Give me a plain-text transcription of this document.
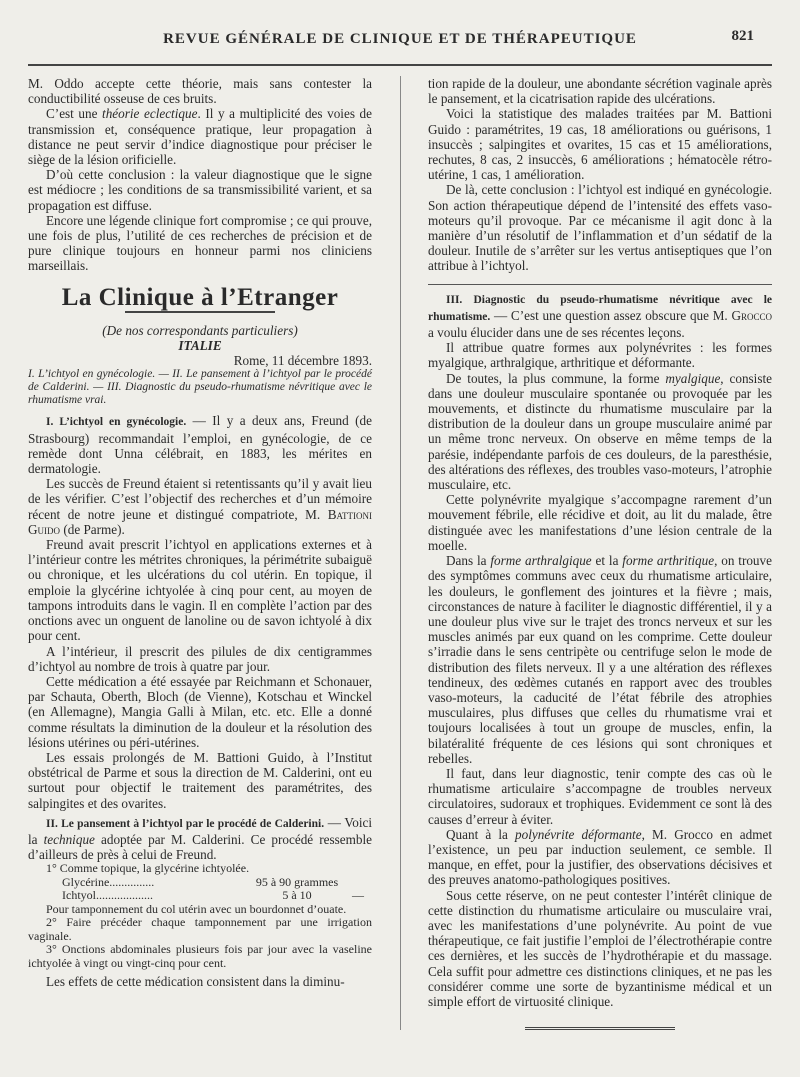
REVUE GÉNÉRALE DE CLINIQUE ET DE THÉRAPEUTIQUE	821

M. Oddo accepte cette théorie, mais sans contester la conductibilité osseuse de ces bruits.

C’est une théorie eclectique. Il y a multiplicité des voies de transmission et, conséquence pratique, leur propagation à distance ne peut servir d’indice diagnostique pour préciser le siège de la lésion orificielle.

D’où cette conclusion : la valeur diagnostique que le signe est médiocre ; les conditions de sa transmissibilité varient, et sa propagation est diffuse.

Encore une légende clinique fort compromise ; ce qui prouve, une fois de plus, l’utilité de ces recherches de précision et de pure clinique toujours en honneur parmi nos cliniciens marseillais.

La Clinique à l’Etranger

(De nos correspondants particuliers)

ITALIE

Rome, 11 décembre 1893.

I. L’ichtyol en gynécologie. — II. Le pansement à l’ichtyol par le procédé de Calderini. — III. Diagnostic du pseudo-rhumatisme névritique avec le rhumatisme vrai.

I. L’ichtyol en gynécologie. — Il y a deux ans, Freund (de Strasbourg) recommandait l’emploi, en gynécologie, de ce remède dont Unna célébrait, en 1883, les mérites en dermatologie.

Les succès de Freund étaient si retentissants qu’il y avait lieu de les vérifier. C’est l’objectif des recherches et d’un mémoire récent de notre jeune et distingué compatriote, M. Battioni Guido (de Parme).

Freund avait prescrit l’ichtyol en applications externes et à l’intérieur contre les métrites chroniques, la périmétrite subaiguë ou chronique, et les ulcérations du col utérin. En topique, il emploie la glycérine ichtyolée à cinq pour cent, au moyen de tampons introduits dans le vagin. Il en complète l’action par des onctions avec un onguent de lanoline ou de savon ichtyolé à dix pour cent.

A l’intérieur, il prescrit des pilules de dix centigrammes d’ichtyol au nombre de trois à quatre par jour.

Cette médication a été essayée par Reichmann et Schonauer, par Schauta, Oberth, Bloch (de Vienne), Kotschau et Winckel (en Allemagne), Mangia Galli à Milan, etc. etc. Elle a donné comme résultats la diminution de la douleur et la résolution des lésions utérines ou péri-utérines.

Les essais prolongés de M. Battioni Guido, à l’Institut obstétrical de Parme et sous la direction de M. Calderini, ont eu surtout pour objectif le traitement des paramétrites, des salpingites et des ovarites.

II. Le pansement à l’ichtyol par le procédé de Calderini. — Voici la technique adoptée par M. Calderini. Ce procédé ressemble d’ailleurs de près à celui de Freund.

1° Comme topique, la glycérine ichtyolée.

Glycérine...............	95 à 90 grammes
Ichtyol...................	5 à 10	—

Pour tamponnement du col utérin avec un bourdonnet d’ouate.

2° Faire précéder chaque tamponnement par une irrigation vaginale.

3° Onctions abdominales plusieurs fois par jour avec la vaseline ichtyolée à vingt ou vingt-cinq pour cent.

Les effets de cette médication consistent dans la diminu-

tion rapide de la douleur, une abondante sécrétion vaginale après le pansement, et la cicatrisation rapide des ulcérations.

Voici la statistique des malades traitées par M. Battioni Guido : paramétrites, 19 cas, 18 améliorations ou guérisons, 1 insuccès ; salpingites et ovarites, 15 cas et 15 améliorations, rechutes, 8 cas, 2 insuccès, 6 améliorations ; hématocèle rétro-utérine, 1 cas, 1 amélioration.

De là, cette conclusion : l’ichtyol est indiqué en gynécologie. Son action thérapeutique dépend de l’intensité des effets vaso-moteurs qu’il provoque. Par ce mécanisme il agit donc à la manière d’un résolutif de l’inflammation et d’un sédatif de la douleur. Inutile de s’arrêter sur les vertus antiseptiques que l’on attribue à l’ichtyol.

III. Diagnostic du pseudo-rhumatisme névritique avec le rhumatisme. — C’est une question assez obscure que M. Grocco a voulu élucider dans une de ses récentes leçons.

Il attribue quatre formes aux polynévrites : les formes myalgique, arthralgique, arthritique et déformante.

De toutes, la plus commune, la forme myalgique, consiste dans une douleur musculaire spontanée ou provoquée par les mouvements, et distincte du rhumatisme musculaire par la distribution de la douleur dans un groupe musculaire animé par un même tronc nerveux. On observe en même temps de la parésie, indépendante parfois de ces douleurs, de la paresthésie, des altérations des réflexes, des troubles vaso-moteurs, l’atrophie musculaire, etc.

Cette polynévrite myalgique s’accompagne rarement d’un mouvement fébrile, elle récidive et doit, au lit du malade, être distinguée avec les manifestations d’une lésion centrale de la moelle.

Dans la forme arthralgique et la forme arthritique, on trouve des symptômes communs avec ceux du rhumatisme articulaire, les douleurs, le gonflement des jointures et la fièvre ; mais, circonstances de nature à faciliter le diagnostic différentiel, il y a une douleur plus vive sur le trajet des troncs nerveux et sur les muscles animés par eux quand on les comprime. Cette douleur s’irradie dans le sens centripète ou centrifuge selon le mode de distribution des filets nerveux. Il y a une altération des réflexes tendineux, des œdèmes cutanés en rapport avec des troubles vaso-moteurs, la caducité de l’état fébrile des atrophies musculaires, plus diffuses que celles du rhumatisme vrai et toujours localisées à tout un groupe de muscles, enfin, la bilatéralité fréquente de ces lésions qui sont chroniques et rebelles.

Il faut, dans leur diagnostic, tenir compte des cas où le rhumatisme articulaire s’accompagne de troubles nerveux circulatoires, sudoraux et trophiques. Evidemment ce sont là des causes d’erreur à éviter.

Quant à la polynévrite déformante, M. Grocco en admet l’existence, un peu par induction seulement, ce semble. Il manque, en effet, pour la justifier, des observations décisives et des preuves anatomo-pathologiques positives.

Sous cette réserve, on ne peut contester l’intérêt clinique de cette distinction du rhumatisme articulaire ou musculaire vrai, avec les manifestations d’une polynévrite. Au point de vue thérapeutique, ce fait justifie l’emploi de l’électrothérapie contre ces dernières, et les succès de l’hydrothérapie et du massage. Cela suffit pour admettre ces distinctions cliniques, et ne pas les considérer comme une sorte de byzantinisme médical et un simple effort de virtuosité clinique.
